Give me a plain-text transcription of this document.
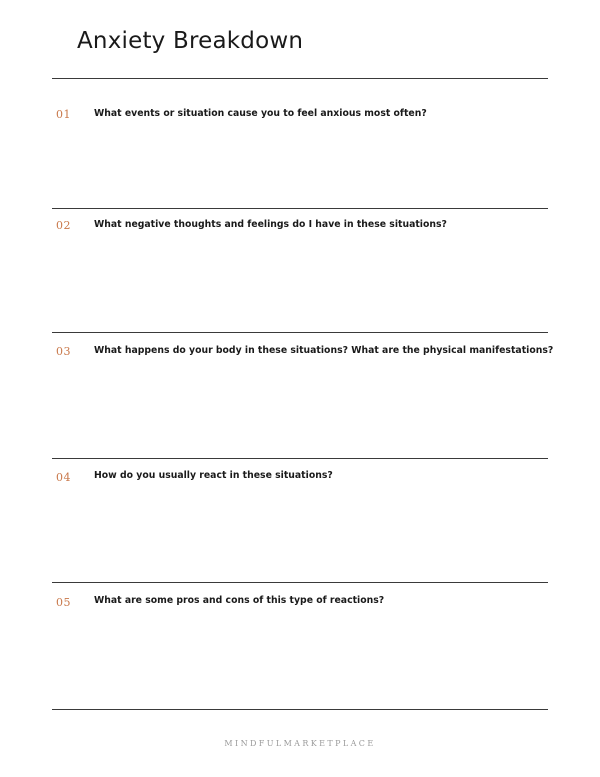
Anxiety Breakdown
01 What events or situation cause you to feel anxious most often?
02 What negative thoughts and feelings do I have in these situations?
03 What happens do your body in these situations? What are the physical manifestations?
04 How do you usually react in these situations?
05 What are some pros and cons of this type of reactions?
MINDFULMARKETPLACE
